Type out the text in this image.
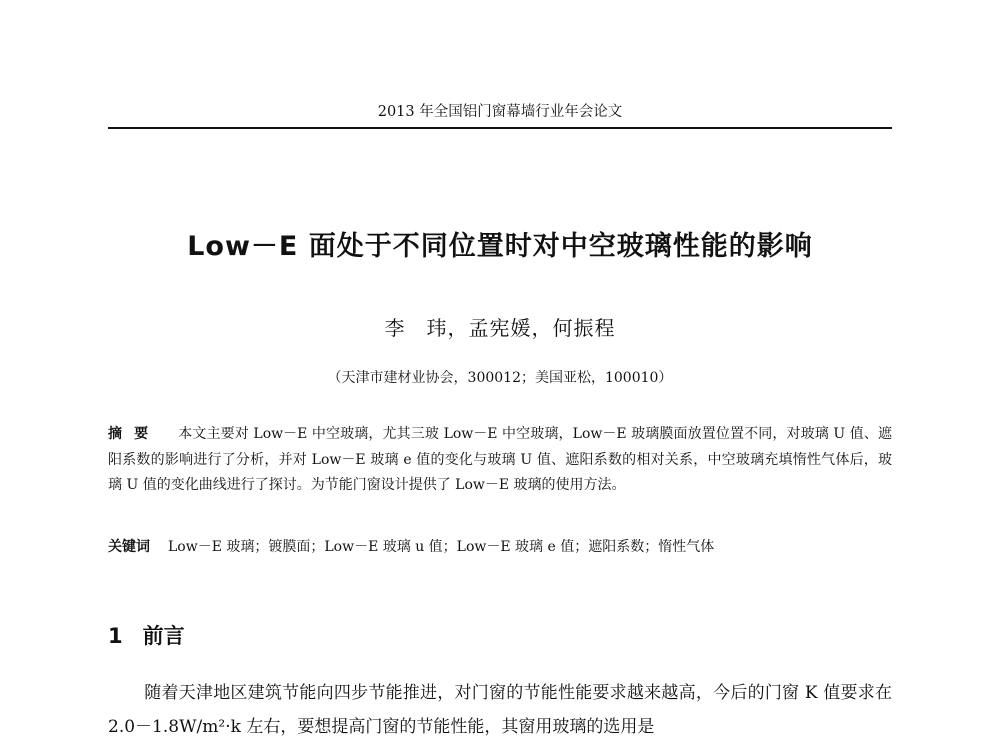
2013 年全国铝门窗幕墙行业年会论文
Low－E 面处于不同位置时对中空玻璃性能的影响
李　玮，孟宪媛，何振程
（天津市建材业协会，300012；美国亚松，100010）
摘要 本文主要对 Low－E 中空玻璃，尤其三玻 Low－E 中空玻璃，Low－E 玻璃膜面放置位置不同，对玻璃 U 值、遮阳系数的影响进行了分析，并对 Low－E 玻璃 e 值的变化与玻璃 U 值、遮阳系数的相对关系，中空玻璃充填惰性气体后，玻璃 U 值的变化曲线进行了探讨。为节能门窗设计提供了 Low－E 玻璃的使用方法。
关键词 Low－E 玻璃；镀膜面；Low－E 玻璃 u 值；Low－E 玻璃 e 值；遮阳系数；惰性气体
1 前言
随着天津地区建筑节能向四步节能推进，对门窗的节能性能要求越来越高，今后的门窗 K 值要求在 2.0－1.8W/m²·k 左右，要想提高门窗的节能性能，其窗用玻璃的选用是
